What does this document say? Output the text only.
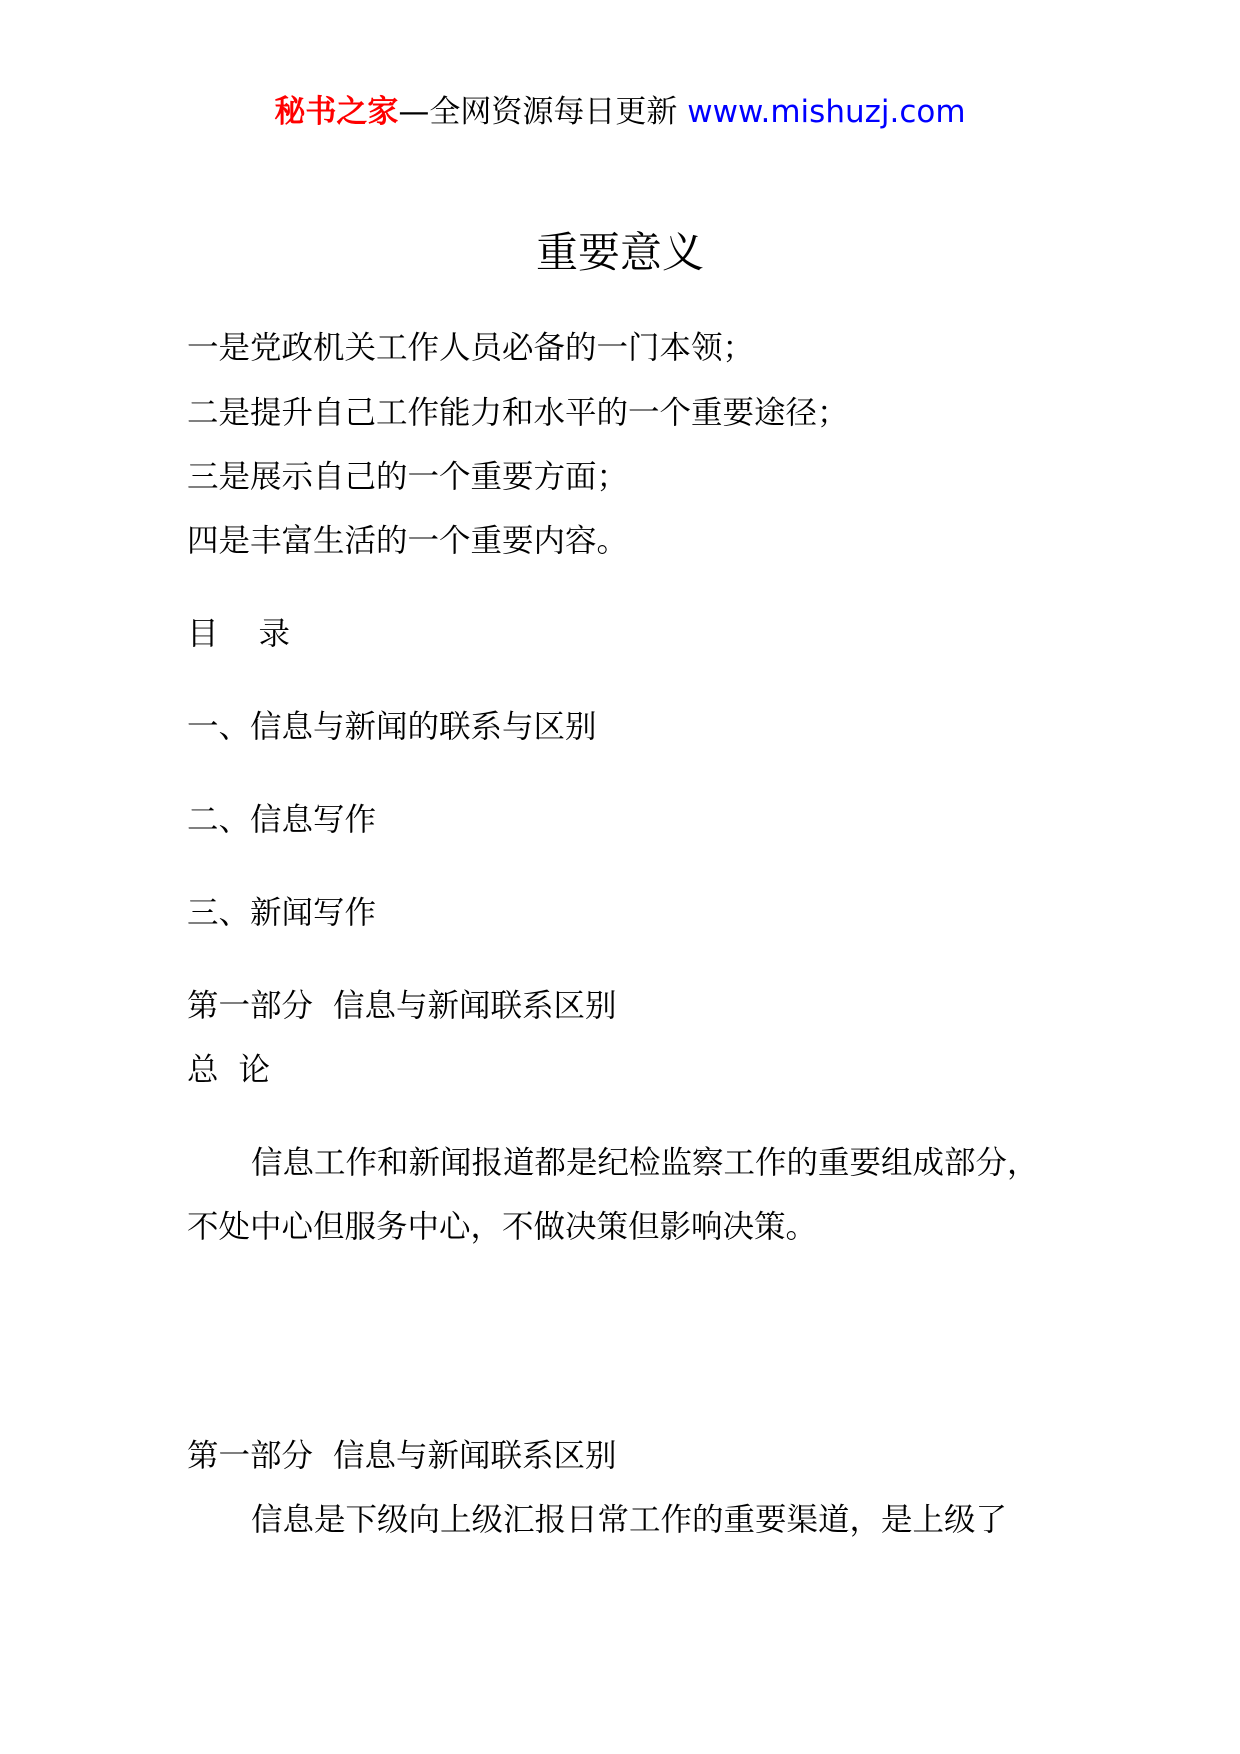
秘书之家—全网资源每日更新 www.mishuzj.com
重要意义

一是党政机关工作人员必备的一门本领；

二是提升自己工作能力和水平的一个重要途径；

三是展示自己的一个重要方面；

四是丰富生活的一个重要内容。

目    录

一、信息与新闻的联系与区别

二、信息写作

三、新闻写作

第一部分  信息与新闻联系区别

总  论

信息工作和新闻报道都是纪检监察工作的重要组成部分，

不处中心但服务中心，不做决策但影响决策。

第一部分  信息与新闻联系区别

信息是下级向上级汇报日常工作的重要渠道，是上级了
